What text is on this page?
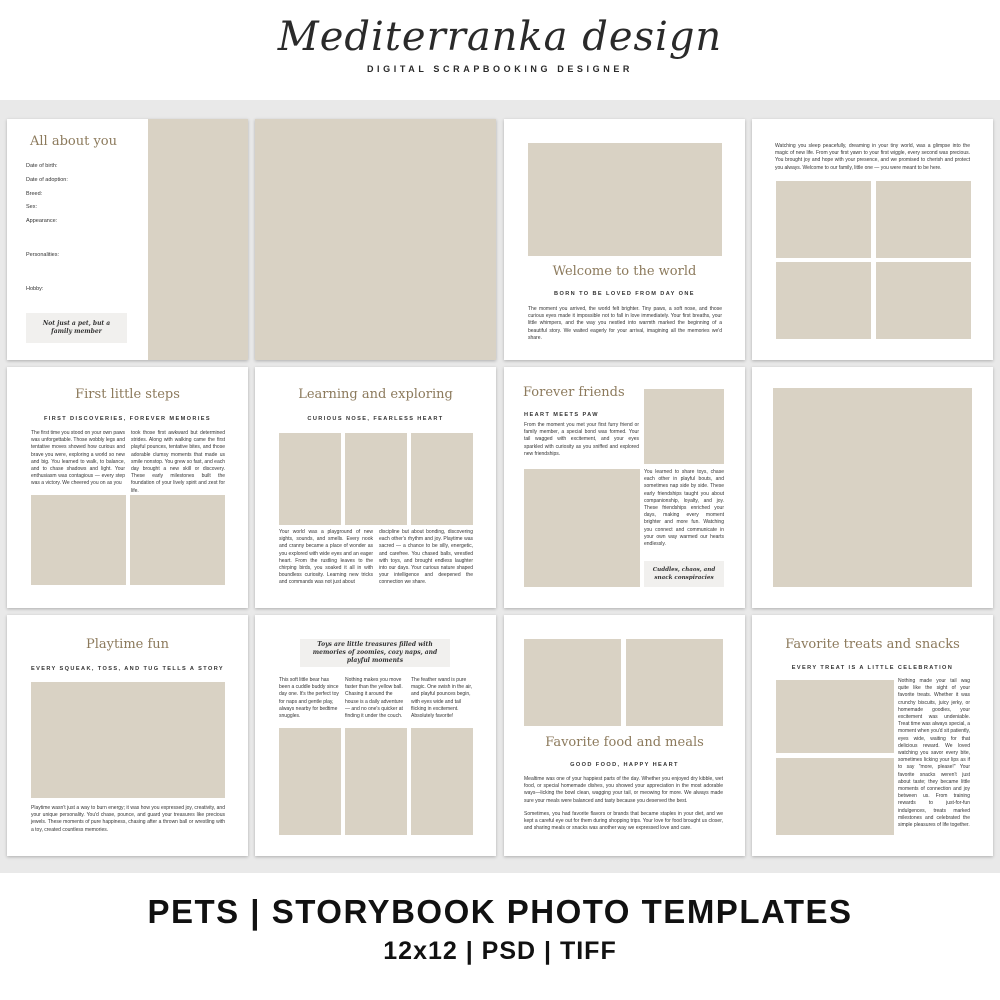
Mediterranka design
DIGITAL SCRAPBOOKING DESIGNER
All about you
Date of birth:
Date of adoption:
Breed:
Sex:
Appearance:
Personalities:
Hobby:
Not just a pet, but a family member
Welcome to the world
BORN TO BE LOVED FROM DAY ONE
The moment you arrived, the world felt brighter. Tiny paws, a soft nose, and those curious eyes made it impossible not to fall in love immediately. Your first breaths, your little whimpers, and the way you nestled into warmth marked the beginning of a beautiful story. We waited eagerly for your arrival, imagining all the memories we'd share.
Watching you sleep peacefully, dreaming in your tiny world, was a glimpse into the magic of new life. From your first yawn to your first wiggle, every second was precious. You brought joy and hope with your presence, and we promised to cherish and protect you always. Welcome to our family, little one — you were meant to be here.
First little steps
FIRST DISCOVERIES, FOREVER MEMORIES
The first time you stood on your own paws was unforgettable. Those wobbly legs and tentative moves showed how curious and brave you were, exploring a world so new and big. You learned to walk, to balance, and to chase shadows and light. Your enthusiasm was contagious — every step was a victory. We cheered you on as you
took those first awkward but determined strides. Along with walking came the first playful pounces, tentative bites, and those adorable clumsy moments that made us smile nonstop. You grew so fast, and each day brought a new skill or discovery. These early milestones built the foundation of your lively spirit and zest for life.
Learning and exploring
CURIOUS NOSE, FEARLESS HEART
Your world was a playground of new sights, sounds, and smells. Every nook and cranny became a place of wonder as you explored with wide eyes and an eager heart. From the rustling leaves to the chirping birds, you soaked it all in with boundless curiosity. Learning new tricks and commands was not just about
discipline but about bonding, discovering each other's rhythm and joy. Playtime was sacred — a chance to be silly, energetic, and carefree. You chased balls, wrestled with toys, and brought endless laughter into our days. Your curious nature shaped your intelligence and deepened the connection we share.
Forever friends
HEART MEETS PAW
From the moment you met your first furry friend or family member, a special bond was formed. Your tail wagged with excitement, and your eyes sparkled with curiosity as you sniffed and explored new friendships.
You learned to share toys, chase each other in playful bouts, and sometimes nap side by side. These early friendships taught you about companionship, loyalty, and joy. These friendships enriched your days, making every moment brighter and more fun. Watching you connect and communicate in your own way warmed our hearts endlessly.
Cuddles, chaos, and snack conspiracies
Playtime fun
EVERY SQUEAK, TOSS, AND TUG TELLS A STORY
Playtime wasn't just a way to burn energy; it was how you expressed joy, creativity, and your unique personality. You'd chase, pounce, and guard your treasures like precious jewels. These moments of pure happiness, chasing after a thrown ball or wrestling with a toy, created countless memories.
Toys are little treasures filled with memories of zoomies, cozy naps, and playful moments
This soft little bear has been a cuddle buddy since day one. It's the perfect toy for naps and gentle play, always nearby for bedtime snuggles.
Nothing makes you move faster than the yellow ball. Chasing it around the house is a daily adventure — and no one's quicker at finding it under the couch.
The feather wand is pure magic. One swish in the air, and playful pounces begin, with eyes wide and tail flicking in excitement. Absolutely favorite!
Favorite food and meals
GOOD FOOD, HAPPY HEART
Mealtime was one of your happiest parts of the day. Whether you enjoyed dry kibble, wet food, or special homemade dishes, you showed your appreciation in the most adorable ways—licking the bowl clean, wagging your tail, or meowing for more. We always made sure your meals were balanced and tasty because you deserved the best.
Sometimes, you had favorite flavors or brands that became staples in your diet, and we kept a careful eye out for them during shopping trips. Your love for food brought us closer, and sharing meals or snacks was another way we expressed love and care.
Favorite treats and snacks
EVERY TREAT IS A LITTLE CELEBRATION
Nothing made your tail wag quite like the sight of your favorite treats. Whether it was crunchy biscuits, juicy jerky, or homemade goodies, your excitement was undeniable. Treat time was always special, a moment when you'd sit patiently, eyes wide, waiting for that delicious reward. We loved watching you savor every bite, sometimes licking your lips as if to say "more, please!" Your favorite snacks weren't just about taste; they became little moments of connection and joy between us. From training rewards to just-for-fun indulgences, treats marked milestones and celebrated the simple pleasures of life together.
PETS | STORYBOOK PHOTO TEMPLATES
12x12 | PSD | TIFF
